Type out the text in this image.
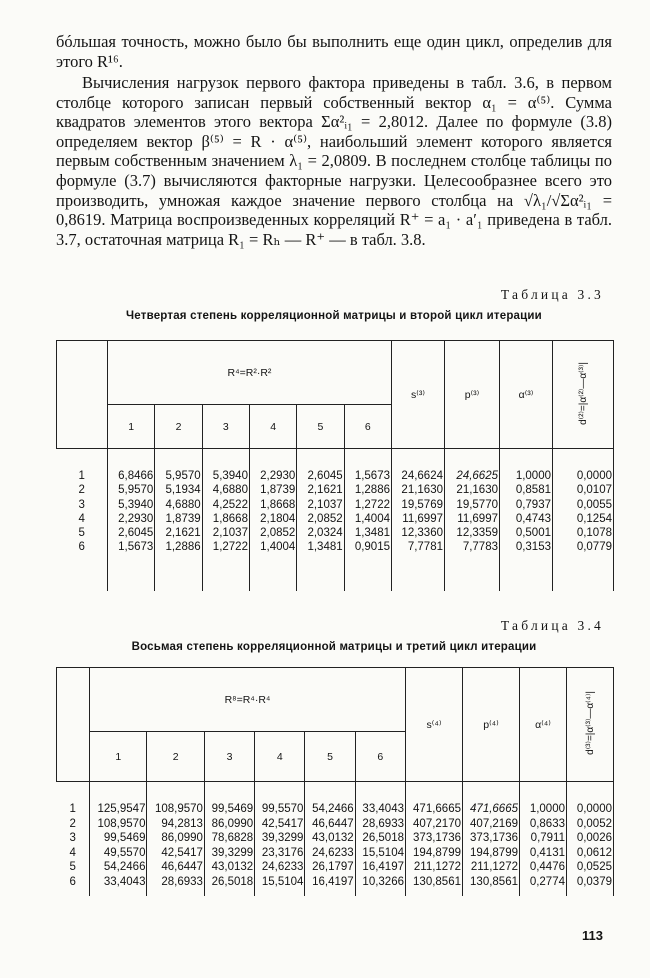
бóльшая точность, можно было бы выполнить еще один цикл, определив для этого R¹⁶.

Вычисления нагрузок первого фактора приведены в табл. 3.6, в первом столбце которого записан первый собственный вектор α₁ = α⁽⁵⁾. Сумма квадратов элементов этого вектора Σα²ᵢ₁ = 2,8012. Далее по формуле (3.8) определяем вектор β⁽⁵⁾ = R · α⁽⁵⁾, наибольший элемент которого является первым собственным значением λ₁ = 2,0809. В последнем столбце таблицы по формуле (3.7) вычисляются факторные нагрузки. Целесообразнее всего это производить, умножая каждое значение первого столбца на √λ₁/√Σα²ᵢ₁ = 0,8619. Матрица воспроизведенных корреляций R⁺ = a₁ · a′₁ приведена в табл. 3.7, остаточная матрица R₁ = Rₕ — R⁺ — в табл. 3.8.

Таблица 3.3
Четвертая степень корреляционной матрицы и второй цикл итерации
	R⁴=R²·R²						s⁽³⁾	p⁽³⁾	α⁽³⁾	d⁽²⁾=|α⁽²⁾—α⁽³⁾|
	1	2	3	4	5	6				
1	6,8466	5,9570	5,3940	2,2930	2,6045	1,5673	24,6624	24,6625	1,0000	0,0000
2	5,9570	5,1934	4,6880	1,8739	2,1621	1,2886	21,1630	21,1630	0,8581	0,0107
3	5,3940	4,6880	4,2522	1,8668	2,1037	1,2722	19,5769	19,5770	0,7937	0,0055
4	2,2930	1,8739	1,8668	2,1804	2,0852	1,4004	11,6997	11,6997	0,4743	0,1254
5	2,6045	2,1621	2,1037	2,0852	2,0324	1,3481	12,3360	12,3359	0,5001	0,1078
6	1,5673	1,2886	1,2722	1,4004	1,3481	0,9015	7,7781	7,7783	0,3153	0,0779
Таблица 3.4
Восьмая степень корреляционной матрицы и третий цикл итерации
	R⁸=R⁴·R⁴						s⁽⁴⁾	p⁽⁴⁾	α⁽⁴⁾	d⁽³⁾=|α⁽³⁾—α⁽⁴⁾|
	1	2	3	4	5	6				
1	125,9547	108,9570	99,5469	99,5570	54,2466	33,4043	471,6665	471,6665	1,0000	0,0000
2	108,9570	94,2813	86,0990	42,5417	46,6447	28,6933	407,2170	407,2169	0,8633	0,0052
3	99,5469	86,0990	78,6828	39,3299	43,0132	26,5018	373,1736	373,1736	0,7911	0,0026
4	49,5570	42,5417	39,3299	23,3176	24,6233	15,5104	194,8799	194,8799	0,4131	0,0612
5	54,2466	46,6447	43,0132	24,6233	26,1797	16,4197	211,1272	211,1272	0,4476	0,0525
6	33,4043	28,6933	26,5018	15,5104	16,4197	10,3266	130,8561	130,8561	0,2774	0,0379
113
